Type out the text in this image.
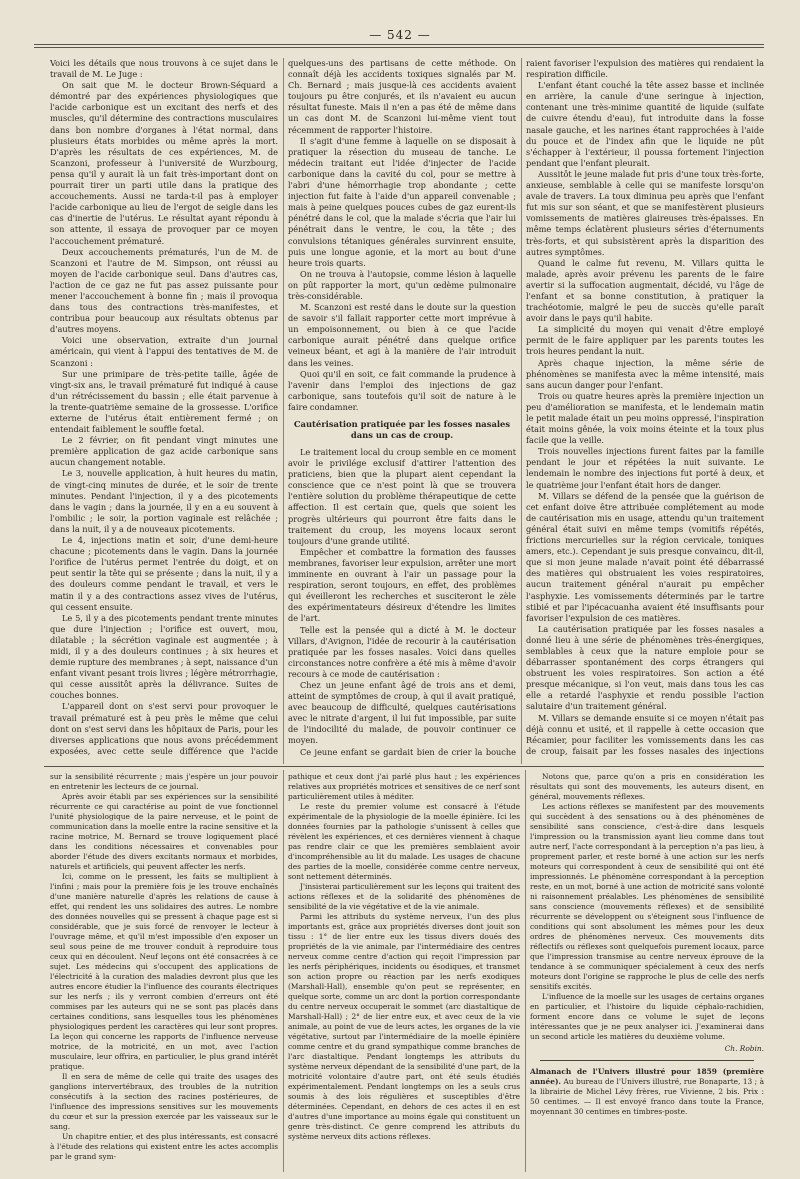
— 542 —

Voici les détails que nous trouvons à ce sujet dans le travail de M. Le Juge :

On sait que M. le docteur Brown-Séquard a démontré par des expériences physiologiques que l'acide carbonique est un excitant des nerfs et des muscles, qu'il détermine des contractions musculaires dans bon nombre d'organes à l'état normal, dans plusieurs états morbides ou même après la mort. D'après les résultats de ces expériences, M. de Scanzoni, professeur à l'université de Wurzbourg, pensa qu'il y aurait là un fait très-important dont on pourrait tirer un parti utile dans la pratique des accouchements. Aussi ne tarda-t-il pas à employer l'acide carbonique au lieu de l'ergot de seigle dans les cas d'inertie de l'utérus. Le résultat ayant répondu à son attente, il essaya de provoquer par ce moyen l'accouchement prématuré.

Deux accouchements prématurés, l'un de M. de Scanzoni et l'autre de M. Simpson, ont réussi au moyen de l'acide carbonique seul. Dans d'autres cas, l'action de ce gaz ne fut pas assez puissante pour mener l'accouchement à bonne fin ; mais il provoqua dans tous des contractions très-manifestes, et contribua pour beaucoup aux résultats obtenus par d'autres moyens.

Voici une observation, extraite d'un journal américain, qui vient à l'appui des tentatives de M. de Scanzoni :

Sur une primipare de très-petite taille, âgée de vingt-six ans, le travail prématuré fut indiqué à cause d'un rétrécissement du bassin ; elle était parvenue à la trente-quatrième semaine de la grossesse. L'orifice externe de l'utérus était entièrement fermé ; on entendait faiblement le souffle fœtal.

Le 2 février, on fit pendant vingt minutes une première application de gaz acide carbonique sans aucun changement notable.

Le 3, nouvelle application, à huit heures du matin, de vingt-cinq minutes de durée, et le soir de trente minutes. Pendant l'injection, il y a des picotements dans le vagin ; dans la journée, il y en a eu souvent à l'ombilic ; le soir, la portion vaginale est relâchée ; dans la nuit, il y a de nouveaux picotements.

Le 4, injections matin et soir, d'une demi-heure chacune ; picotements dans le vagin. Dans la journée l'orifice de l'utérus permet l'entrée du doigt, et on peut sentir la tête qui se présente ; dans la nuit, il y a des douleurs comme pendant le travail, et vers le matin il y a des contractions assez vives de l'utérus, qui cessent ensuite.

Le 5, il y a des picotements pendant trente minutes que dure l'injection ; l'orifice est ouvert, mou, dilatable ; la sécrétion vaginale est augmentée ; à midi, il y a des douleurs continues ; à six heures et demie rupture des membranes ; à sept, naissance d'un enfant vivant pesant trois livres ; légère métrorrhagie, qui cesse aussitôt après la délivrance. Suites de couches bonnes.

L'appareil dont on s'est servi pour provoquer le travail prématuré est à peu près le même que celui dont on s'est servi dans les hôpitaux de Paris, pour les diverses applications que nous avons précédemment exposées, avec cette seule différence que l'acide

quelques-uns des partisans de cette méthode. On connaît déjà les accidents toxiques signalés par M. Ch. Bernard ; mais jusque-là ces accidents avaient toujours pu être conjurés, et ils n'avaient eu aucun résultat funeste. Mais il n'en a pas été de même dans un cas dont M. de Scanzoni lui-même vient tout récemment de rapporter l'histoire.

Il s'agit d'une femme à laquelle on se disposait à pratiquer la résection du museau de tanche. Le médecin traitant eut l'idée d'injecter de l'acide carbonique dans la cavité du col, pour se mettre à l'abri d'une hémorrhagie trop abondante ; cette injection fut faite à l'aide d'un appareil convenable ; mais à peine quelques pouces cubes de gaz eurent-ils pénétré dans le col, que la malade s'écria que l'air lui pénétrait dans le ventre, le cou, la tête ; des convulsions tétaniques générales survinrent ensuite, puis une longue agonie, et la mort au bout d'une heure trois quarts.

On ne trouva à l'autopsie, comme lésion à laquelle on pût rapporter la mort, qu'un œdème pulmonaire très-considérable.

M. Scanzoni est resté dans le doute sur la question de savoir s'il fallait rapporter cette mort imprévue à un empoisonnement, ou bien à ce que l'acide carbonique aurait pénétré dans quelque orifice veineux béant, et agi à la manière de l'air introduit dans les veines.

Quoi qu'il en soit, ce fait commande la prudence à l'avenir dans l'emploi des injections de gaz carbonique, sans toutefois qu'il soit de nature à le faire condamner.

Cautérisation pratiquée par les fosses nasales dans un cas de croup.

Le traitement local du croup semble en ce moment avoir le privilége exclusif d'attirer l'attention des praticiens, bien que la plupart aient cependant la conscience que ce n'est point là que se trouvera l'entière solution du problème thérapeutique de cette affection. Il est certain que, quels que soient les progrès ultérieurs qui pourront être faits dans le traitement du croup, les moyens locaux seront toujours d'une grande utilité.

Empêcher et combattre la formation des fausses membranes, favoriser leur expulsion, arrêter une mort imminente en ouvrant à l'air un passage pour la respiration, seront toujours, en effet, des problèmes qui éveilleront les recherches et susciteront le zèle des expérimentateurs désireux d'étendre les limites de l'art.

Telle est la pensée qui a dicté à M. le docteur Villars, d'Avignon, l'idée de recourir à la cautérisation pratiquée par les fosses nasales. Voici dans quelles circonstances notre confrère a été mis à même d'avoir recours à ce mode de cautérisation :

Chez un jeune enfant âgé de trois ans et demi, atteint de symptômes de croup, à qui il avait pratiqué, avec beaucoup de difficulté, quelques cautérisations avec le nitrate d'argent, il lui fut impossible, par suite de l'indocilité du malade, de pouvoir continuer ce moyen.

Ce jeune enfant se gardait bien de crier la bouche

raient favoriser l'expulsion des matières qui rendaient la respiration difficile.

L'enfant étant couché la tête assez basse et inclinée en arrière, la canule d'une seringue à injection, contenant une très-minime quantité de liquide (sulfate de cuivre étendu d'eau), fut introduite dans la fosse nasale gauche, et les narines étant rapprochées à l'aide du pouce et de l'index afin que le liquide ne pût s'échapper à l'extérieur, il poussa fortement l'injection pendant que l'enfant pleurait.

Aussitôt le jeune malade fut pris d'une toux très-forte, anxieuse, semblable à celle qui se manifeste lorsqu'on avale de travers. La toux diminua peu après que l'enfant fut mis sur son séant, et que se manifestèrent plusieurs vomissements de matières glaireuses très-épaisses. En même temps éclatèrent plusieurs séries d'éternuments très-forts, et qui subsistèrent après la disparition des autres symptômes.

Quand le calme fut revenu, M. Villars quitta le malade, après avoir prévenu les parents de le faire avertir si la suffocation augmentait, décidé, vu l'âge de l'enfant et sa bonne constitution, à pratiquer la trachéotomie, malgré le peu de succès qu'elle paraît avoir dans le pays qu'il habite.

La simplicité du moyen qui venait d'être employé permit de le faire appliquer par les parents toutes les trois heures pendant la nuit.

Après chaque injection, la même série de phénomènes se manifesta avec la même intensité, mais sans aucun danger pour l'enfant.

Trois ou quatre heures après la première injection un peu d'amélioration se manifesta, et le lendemain matin le petit malade était un peu moins oppressé, l'inspiration était moins gênée, la voix moins éteinte et la toux plus facile que la veille.

Trois nouvelles injections furent faites par la famille pendant le jour et répétées la nuit suivante. Le lendemain le nombre des injections fut porté à deux, et le quatrième jour l'enfant était hors de danger.

M. Villars se défend de la pensée que la guérison de cet enfant doive être attribuée complétement au mode de cautérisation mis en usage, attendu qu'un traitement général était suivi en même temps (vomitifs répétés, frictions mercurielles sur la région cervicale, toniques amers, etc.). Cependant je suis presque convaincu, dit-il, que si mon jeune malade n'avait point été débarrassé des matières qui obstruaient les voies respiratoires, aucun traitement général n'aurait pu empêcher l'asphyxie. Les vomissements déterminés par le tartre stibié et par l'ipécacuanha avaient été insuffisants pour favoriser l'expulsion de ces matières.

La cautérisation pratiquée par les fosses nasales a donné lieu à une série de phénomènes très-énergiques, semblables à ceux que la nature emploie pour se débarrasser spontanément des corps étrangers qui obstruent les voies respiratoires. Son action a été presque mécanique, si l'on veut, mais dans tous les cas elle a retardé l'asphyxie et rendu possible l'action salutaire d'un traitement général.

M. Villars se demande ensuite si ce moyen n'était pas déjà connu et usité, et il rappelle à cette occasion que Récamier, pour faciliter les vomissements dans les cas de croup, faisait par les fosses nasales des injections

sur la sensibilité récurrente ; mais j'espère un jour pouvoir en entretenir les lecteurs de ce journal.

Après avoir établi par ses expériences sur la sensibilité récurrente ce qui caractérise au point de vue fonctionnel l'unité physiologique de la paire nerveuse, et le point de communication dans la moelle entre la racine sensitive et la racine motrice, M. Bernard se trouve logiquement placé dans les conditions nécessaires et convenables pour aborder l'étude des divers excitants normaux et morbides, naturels et artificiels, qui peuvent affecter les nerfs.

Ici, comme on le pressent, les faits se multiplient à l'infini ; mais pour la première fois je les trouve enchaînés d'une manière naturelle d'après les relations de cause à effet, qui rendent les uns solidaires des autres. Le nombre des données nouvelles qui se pressent à chaque page est si considérable, que je suis forcé de renvoyer le lecteur à l'ouvrage même, et qu'il m'est impossible d'en exposer un seul sous peine de me trouver conduit à reproduire tous ceux qui en découlent. Neuf leçons ont été consacrées à ce sujet. Les médecins qui s'occupent des applications de l'électricité à la curation des maladies devront plus que les autres encore étudier la l'influence des courants électriques sur les nerfs ; ils y verront combien d'erreurs ont été commises par les auteurs qui ne se sont pas placés dans certaines conditions, sans lesquelles tous les phénomènes physiologiques perdent les caractères qui leur sont propres. La leçon qui concerne les rapports de l'influence nerveuse motrice, de la motricité, en un mot, avec l'action musculaire, leur offrira, en particulier, le plus grand intérêt pratique.

Il en sera de même de celle qui traite des usages des ganglions intervertébraux, des troubles de la nutrition consécutifs à la section des racines postérieures, de l'influence des impressions sensitives sur les mouvements du cœur et sur la pression exercée par les vaisseaux sur le sang.

Un chapitre entier, et des plus intéressants, est consacré à l'étude des relations qui existent entre les actes accomplis par le grand sym-

pathique et ceux dont j'ai parlé plus haut ; les expériences relatives aux propriétés motrices et sensitives de ce nerf sont particulièrement utiles à méditer.

Le reste du premier volume est consacré à l'étude expérimentale de la physiologie de la moelle épinière. Ici les données fournies par la pathologie s'unissent à celles que révèlent les expériences, et ces dernières viennent à chaque pas rendre clair ce que les premières semblaient avoir d'incompréhensible au lit du malade. Les usages de chacune des parties de la moelle, considérée comme centre nerveux, sont nettement déterminés.

J'insisterai particulièrement sur les leçons qui traitent des actions réflexes et de la solidarité des phénomènes de sensibilité de la vie végétative et de la vie animale.

Parmi les attributs du système nerveux, l'un des plus importants est, grâce aux propriétés diverses dont jouit son tissu : 1° de lier entre eux les tissus divers doués des propriétés de la vie animale, par l'intermédiaire des centres nerveux comme centre d'action qui reçoit l'impression par les nerfs périphériques, incidents ou ésodiques, et transmet son action propre ou réaction par les nerfs exodiques (Marshall-Hall), ensemble qu'on peut se représenter, en quelque sorte, comme un arc dont la portion correspondante du centre nerveux occuperait le sommet (arc diastaltique de Marshall-Hall) ; 2° de lier entre eux, et avec ceux de la vie animale, au point de vue de leurs actes, les organes de la vie végétative, surtout par l'intermédiaire de la moelle épinière comme centre et du grand sympathique comme branches de l'arc diastaltique. Pendant longtemps les attributs du système nerveux dépendant de la sensibilité d'une part, de la motricité volontaire d'autre part, ont été seuls étudiés expérimentalement. Pendant longtemps on les a seuls crus soumis à des lois régulières et susceptibles d'être déterminées. Cependant, en dehors de ces actes il en est d'autres d'une importance au moins égale qui constituent un genre très-distinct. Ce genre comprend les attributs du système nerveux dits actions réflexes.

Notons que, parce qu'on a pris en considération les résultats qui sont des mouvements, les auteurs disent, en général, mouvements réflexes.

Les actions réflexes se manifestent par des mouvements qui succèdent à des sensations ou à des phénomènes de sensibilité sans conscience, c'est-à-dire dans lesquels l'impression ou la transmission ayant lieu comme dans tout autre nerf, l'acte correspondant à la perception n'a pas lieu, à proprement parler, et reste borné à une action sur les nerfs moteurs qui correspondent à ceux de sensibilité qui ont été impressionnés. Le phénomène correspondant à la perception reste, en un mot, borné à une action de motricité sans volonté ni raisonnement préalables. Les phénomènes de sensibilité sans conscience (mouvements réflexes) et de sensibilité récurrente se développent ou s'éteignent sous l'influence de conditions qui sont absolument les mêmes pour les deux ordres de phénomènes nerveux. Ces mouvements dits réflectifs ou réflexes sont quelquefois purement locaux, parce que l'impression transmise au centre nerveux éprouve de la tendance à se communiquer spécialement à ceux des nerfs moteurs dont l'origine se rapproche le plus de celle des nerfs sensitifs excités.

L'influence de la moelle sur les usages de certains organes en particulier, et l'histoire du liquide céphalo-rachidien, forment encore dans ce volume le sujet de leçons intéressantes que je ne peux analyser ici. J'examinerai dans un second article les matières du deuxième volume.

Ch. Robin.

Almanach de l'Univers illustré pour 1859 (première année). Au bureau de l'Univers illustré, rue Bonaparte, 13 ; à la librairie de Michel Lévy frères, rue Vivienne, 2 bis. Prix : 50 centimes. — Il est envoyé franco dans toute la France, moyennant 30 centimes en timbres-poste.
